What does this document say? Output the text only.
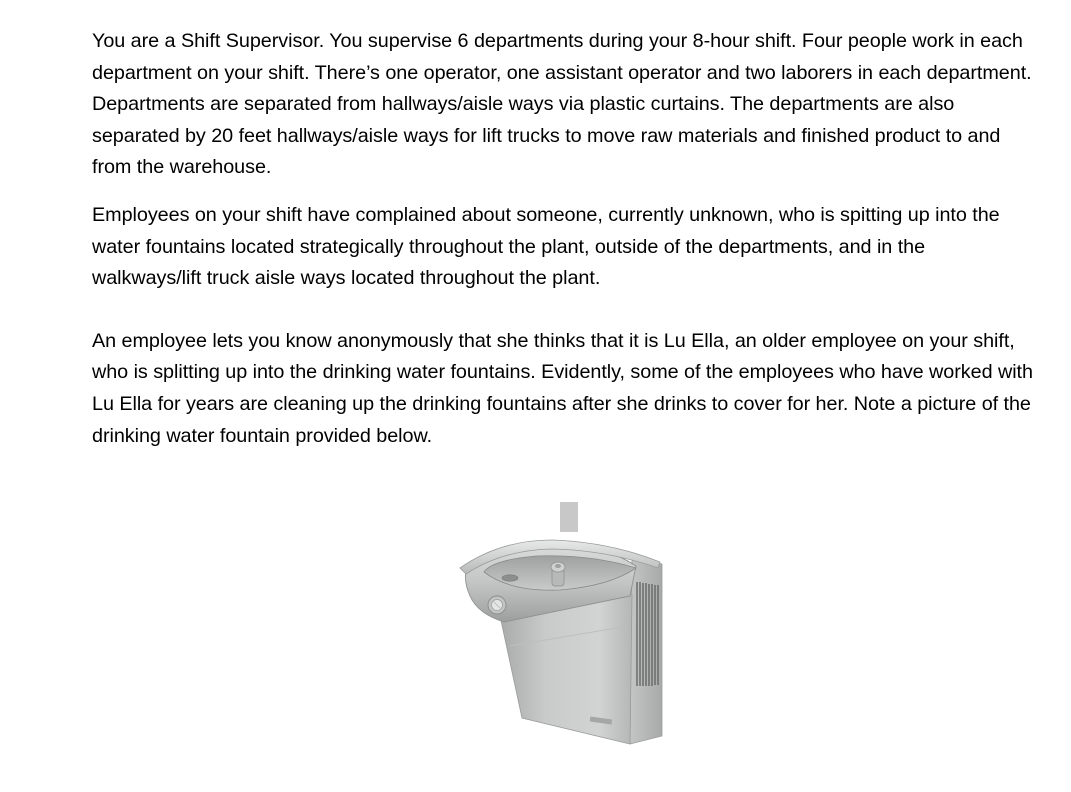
You are a Shift Supervisor. You supervise 6 departments during your 8-hour shift. Four people work in each department on your shift. There’s one operator, one assistant operator and two laborers in each department. Departments are separated from hallways/aisle ways via plastic curtains. The departments are also separated by 20 feet hallways/aisle ways for lift trucks to move raw materials and finished product to and from the warehouse.

Employees on your shift have complained about someone, currently unknown, who is spitting up into the water fountains located strategically throughout the plant, outside of the departments, and in the walkways/lift truck aisle ways located throughout the plant.

An employee lets you know anonymously that she thinks that it is Lu Ella, an older employee on your shift, who is splitting up into the drinking water fountains. Evidently, some of the employees who have worked with Lu Ella for years are cleaning up the drinking fountains after she drinks to cover for her. Note a picture of the drinking water fountain provided below.
